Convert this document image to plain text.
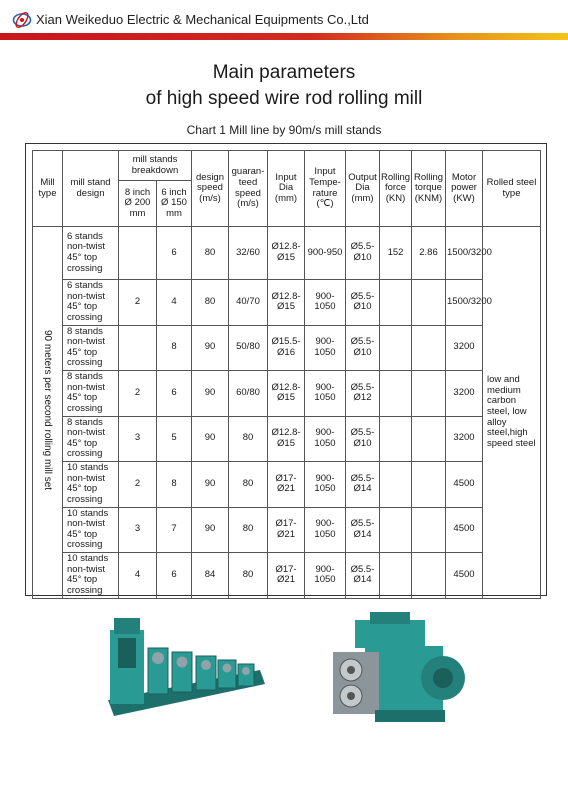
Xian Weikeduo Electric & Mechanical Equipments Co.,Ltd
Main parameters
of high speed wire rod rolling mill
Chart 1 Mill line by 90m/s mill stands
Mill type	mill stand design	mill stands breakdown		design speed (m/s)	guaran-teed speed (m/s)	Input Dia (mm)	Input Tempe-rature (℃)	Output Dia (mm)	Rolling force (KN)	Rolling torque (KNM)	Motor power (KW)	Rolled steel type
		8 inch Ø 200 mm	6 inch Ø 150 mm									
90 meters per second rolling mill set	6 stands non-twist 45° top crossing		6	80	32/60	Ø12.8-Ø15	900-950	Ø5.5-Ø10	152	2.86	1500/3200	low and medium carbon steel, low alloy steel,high speed steel
	6 stands non-twist 45° top crossing	2	4	80	40/70	Ø12.8-Ø15	900-1050	Ø5.5-Ø10			1500/3200	
	8 stands non-twist 45° top crossing		8	90	50/80	Ø15.5-Ø16	900-1050	Ø5.5-Ø10			3200	
	8 stands non-twist 45° top crossing	2	6	90	60/80	Ø12.8-Ø15	900-1050	Ø5.5-Ø12			3200	
	8 stands non-twist 45° top crossing	3	5	90	80	Ø12.8-Ø15	900-1050	Ø5.5-Ø10			3200	
	10 stands non-twist 45° top crossing	2	8	90	80	Ø17-Ø21	900-1050	Ø5.5-Ø14			4500	
	10 stands non-twist 45° top crossing	3	7	90	80	Ø17-Ø21	900-1050	Ø5.5-Ø14			4500	
	10 stands non-twist 45° top crossing	4	6	84	80	Ø17-Ø21	900-1050	Ø5.5-Ø14			4500	
